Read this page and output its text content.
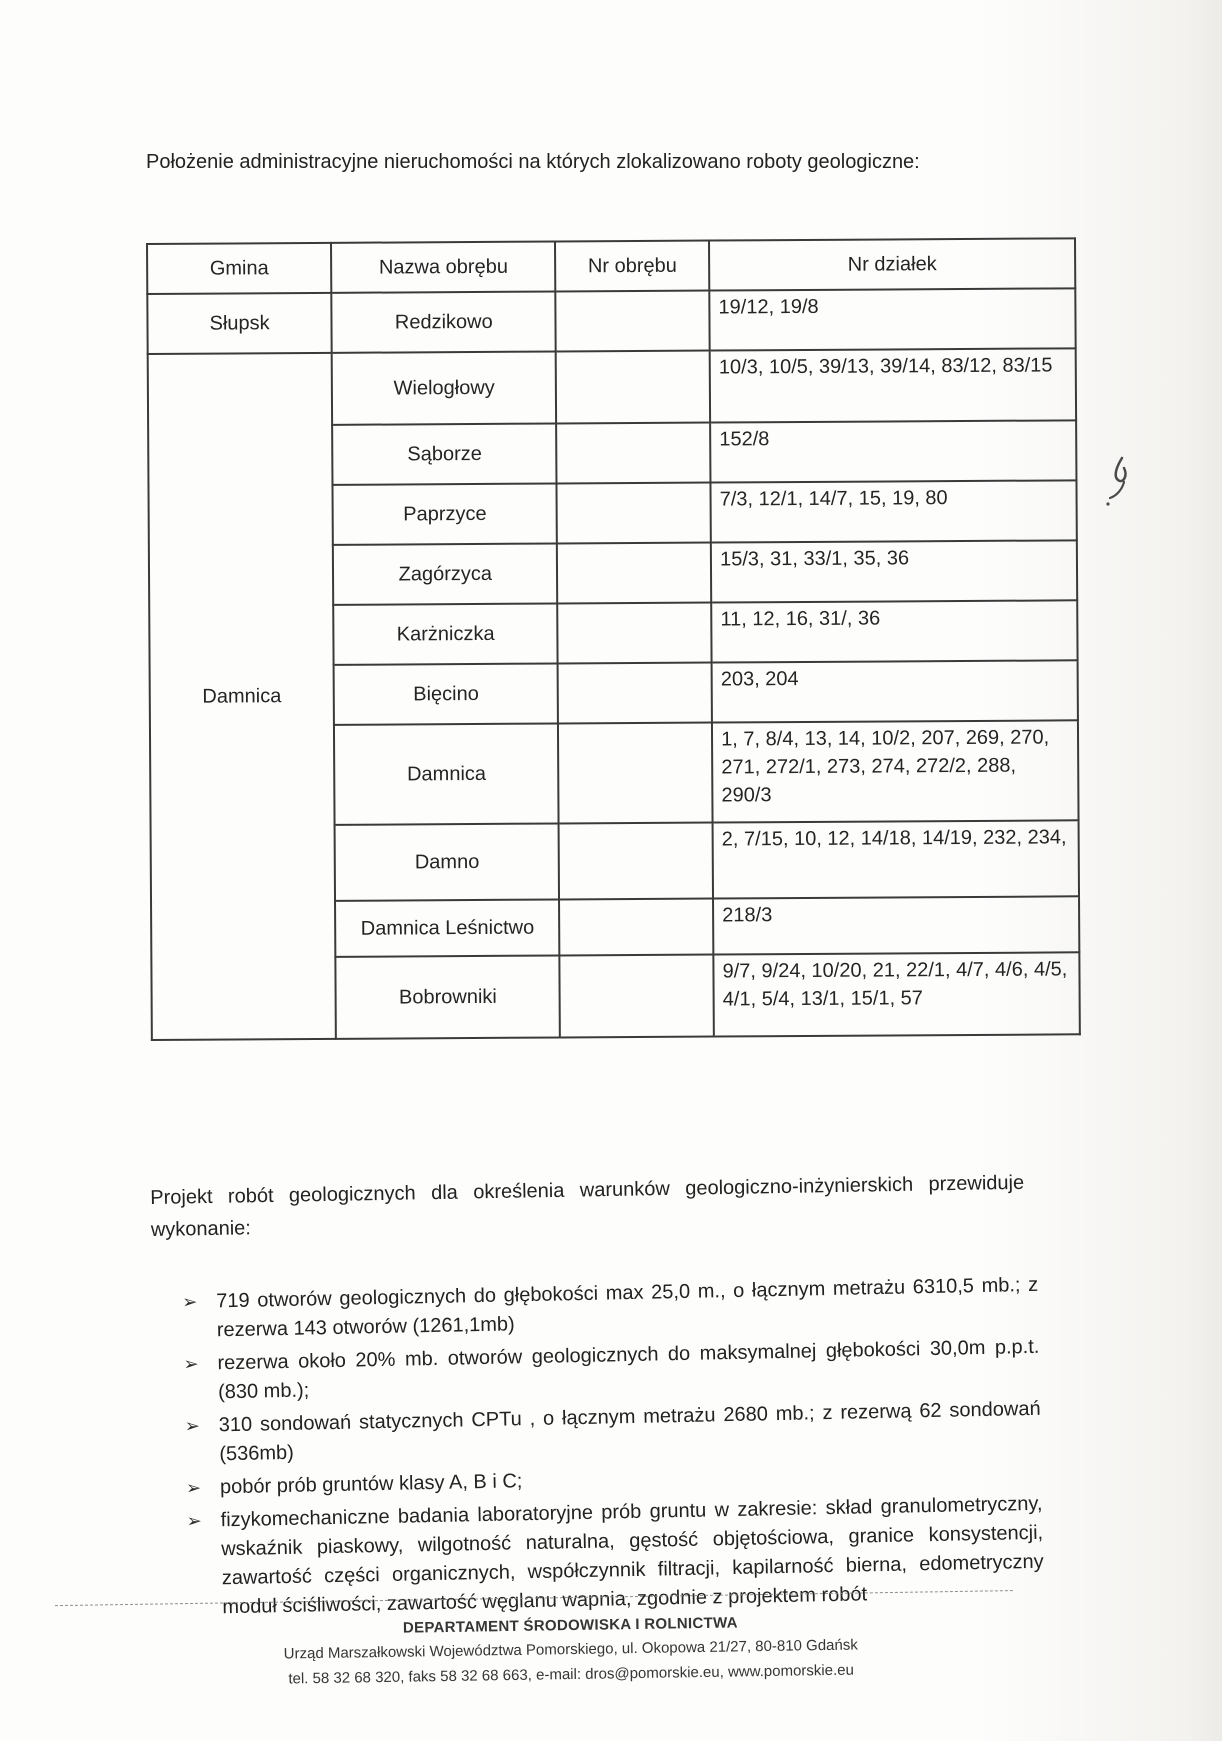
Położenie administracyjne nieruchomości na których zlokalizowano roboty geologiczne:

Gmina	Nazwa obrębu	Nr obrębu	Nr działek
Słupsk	Redzikowo		19/12, 19/8
Damnica	Wielogłowy		10/3, 10/5, 39/13, 39/14, 83/12, 83/15
	Sąborze		152/8
	Paprzyce		7/3, 12/1, 14/7, 15, 19, 80
	Zagórzyca		15/3, 31, 33/1, 35, 36
	Karżniczka		11, 12, 16, 31/, 36
	Bięcino		203, 204
	Damnica		1, 7, 8/4, 13, 14, 10/2, 207, 269, 270, 271, 272/1, 273, 274, 272/2, 288, 290/3
	Damno		2, 7/15, 10, 12, 14/18, 14/19, 232, 234,
	Damnica Leśnictwo		218/3
	Bobrowniki		9/7, 9/24, 10/20, 21, 22/1, 4/7, 4/6, 4/5, 4/1, 5/4, 13/1, 15/1, 57

Projekt robót geologicznych dla określenia warunków geologiczno-inżynierskich przewiduje wykonanie:

➢ 719 otworów geologicznych do głębokości max 25,0 m., o łącznym metrażu 6310,5 mb.; z rezerwa 143 otworów (1261,1mb)
➢ rezerwa około 20% mb. otworów geologicznych do maksymalnej głębokości 30,0m p.p.t. (830 mb.);
➢ 310 sondowań statycznych CPTu , o łącznym metrażu 2680 mb.; z rezerwą 62 sondowań (536mb)
➢ pobór prób gruntów klasy A, B i C;
➢ fizykomechaniczne badania laboratoryjne prób gruntu w zakresie: skład granulometryczny, wskaźnik piaskowy, wilgotność naturalna, gęstość objętościowa, granice konsystencji, zawartość części organicznych, współczynnik filtracji, kapilarność bierna, edometryczny moduł ściśliwości, zawartość węglanu wapnia, zgodnie z projektem robót
DEPARTAMENT ŚRODOWISKA I ROLNICTWA
Urząd Marszałkowski Województwa Pomorskiego, ul. Okopowa 21/27, 80-810 Gdańsk
tel. 58 32 68 320, faks 58 32 68 663, e-mail: dros@pomorskie.eu, www.pomorskie.eu
